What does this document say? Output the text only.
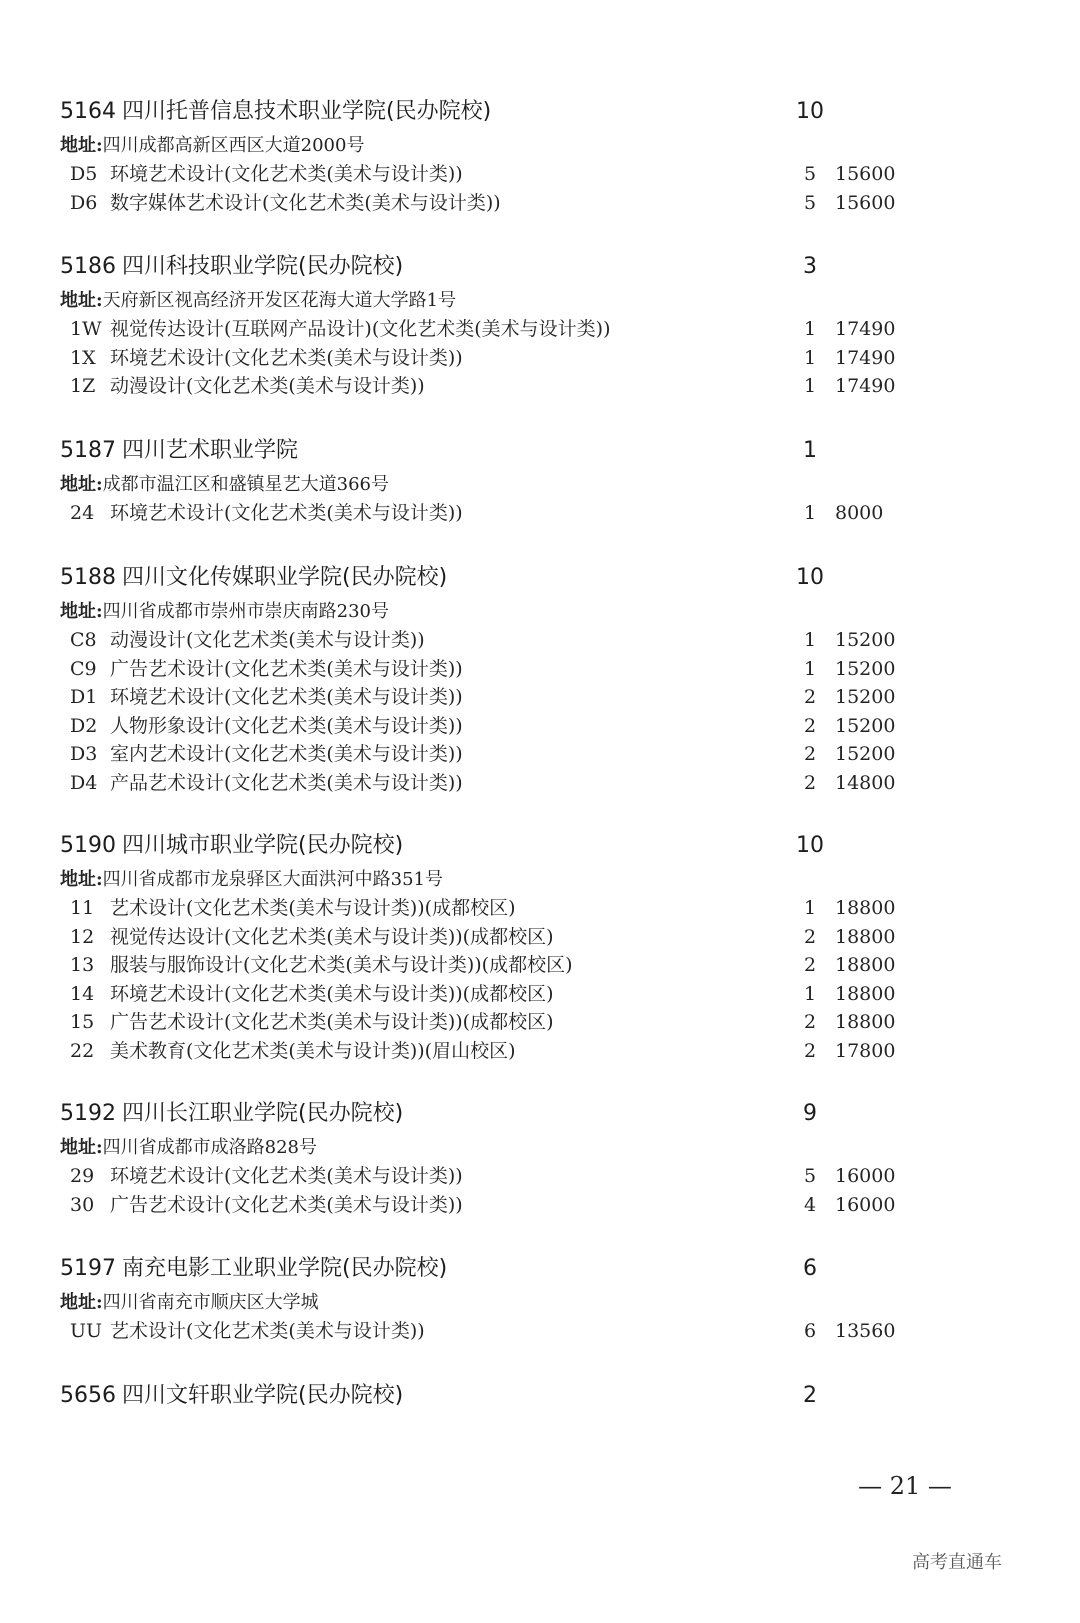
5164 四川托普信息技术职业学院(民办院校)	10
地址:四川成都高新区西区大道2000号
D5 环境艺术设计(文化艺术类(美术与设计类))	5 15600
D6 数字媒体艺术设计(文化艺术类(美术与设计类))	5 15600
5186 四川科技职业学院(民办院校)	3
地址:天府新区视高经济开发区花海大道大学路1号
1W 视觉传达设计(互联网产品设计)(文化艺术类(美术与设计类))	1 17490
1X 环境艺术设计(文化艺术类(美术与设计类))	1 17490
1Z 动漫设计(文化艺术类(美术与设计类))	1 17490
5187 四川艺术职业学院	1
地址:成都市温江区和盛镇星艺大道366号
24 环境艺术设计(文化艺术类(美术与设计类))	1 8000
5188 四川文化传媒职业学院(民办院校)	10
地址:四川省成都市崇州市崇庆南路230号
C8 动漫设计(文化艺术类(美术与设计类))	1 15200
C9 广告艺术设计(文化艺术类(美术与设计类))	1 15200
D1 环境艺术设计(文化艺术类(美术与设计类))	2 15200
D2 人物形象设计(文化艺术类(美术与设计类))	2 15200
D3 室内艺术设计(文化艺术类(美术与设计类))	2 15200
D4 产品艺术设计(文化艺术类(美术与设计类))	2 14800
5190 四川城市职业学院(民办院校)	10
地址:四川省成都市龙泉驿区大面洪河中路351号
11 艺术设计(文化艺术类(美术与设计类))(成都校区)	1 18800
12 视觉传达设计(文化艺术类(美术与设计类))(成都校区)	2 18800
13 服装与服饰设计(文化艺术类(美术与设计类))(成都校区)	2 18800
14 环境艺术设计(文化艺术类(美术与设计类))(成都校区)	1 18800
15 广告艺术设计(文化艺术类(美术与设计类))(成都校区)	2 18800
22 美术教育(文化艺术类(美术与设计类))(眉山校区)	2 17800
5192 四川长江职业学院(民办院校)	9
地址:四川省成都市成洛路828号
29 环境艺术设计(文化艺术类(美术与设计类))	5 16000
30 广告艺术设计(文化艺术类(美术与设计类))	4 16000
5197 南充电影工业职业学院(民办院校)	6
地址:四川省南充市顺庆区大学城
UU 艺术设计(文化艺术类(美术与设计类))	6 13560
5656 四川文轩职业学院(民办院校)	2
— 21 —
高考直通车
